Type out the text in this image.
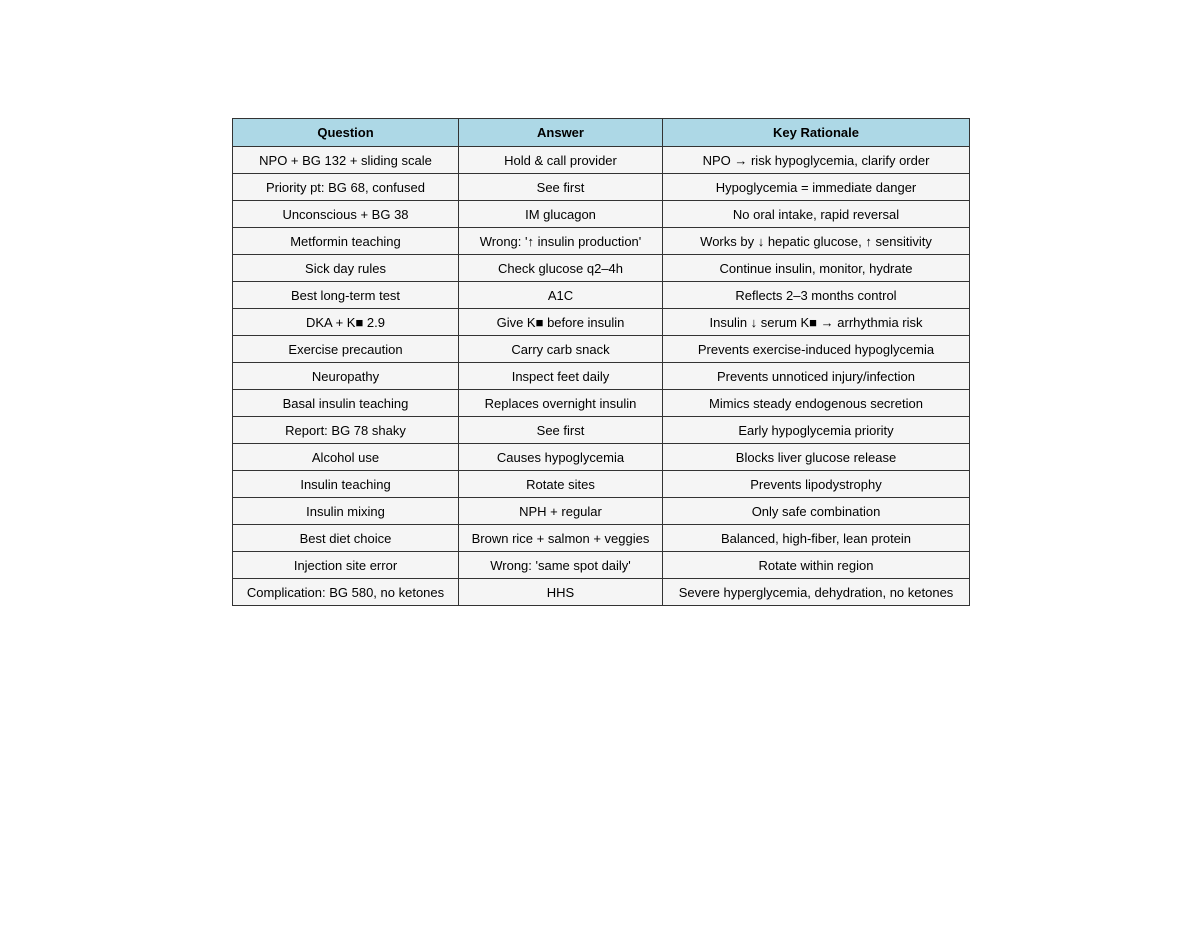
Question	Answer	Key Rationale
NPO + BG 132 + sliding scale	Hold & call provider	NPO → risk hypoglycemia, clarify order
Priority pt: BG 68, confused	See first	Hypoglycemia = immediate danger
Unconscious + BG 38	IM glucagon	No oral intake, rapid reversal
Metformin teaching	Wrong: '↑ insulin production'	Works by ↓ hepatic glucose, ↑ sensitivity
Sick day rules	Check glucose q2–4h	Continue insulin, monitor, hydrate
Best long-term test	A1C	Reflects 2–3 months control
DKA + K■ 2.9	Give K■ before insulin	Insulin ↓ serum K■ → arrhythmia risk
Exercise precaution	Carry carb snack	Prevents exercise-induced hypoglycemia
Neuropathy	Inspect feet daily	Prevents unnoticed injury/infection
Basal insulin teaching	Replaces overnight insulin	Mimics steady endogenous secretion
Report: BG 78 shaky	See first	Early hypoglycemia priority
Alcohol use	Causes hypoglycemia	Blocks liver glucose release
Insulin teaching	Rotate sites	Prevents lipodystrophy
Insulin mixing	NPH + regular	Only safe combination
Best diet choice	Brown rice + salmon + veggies	Balanced, high-fiber, lean protein
Injection site error	Wrong: 'same spot daily'	Rotate within region
Complication: BG 580, no ketones	HHS	Severe hyperglycemia, dehydration, no ketones
